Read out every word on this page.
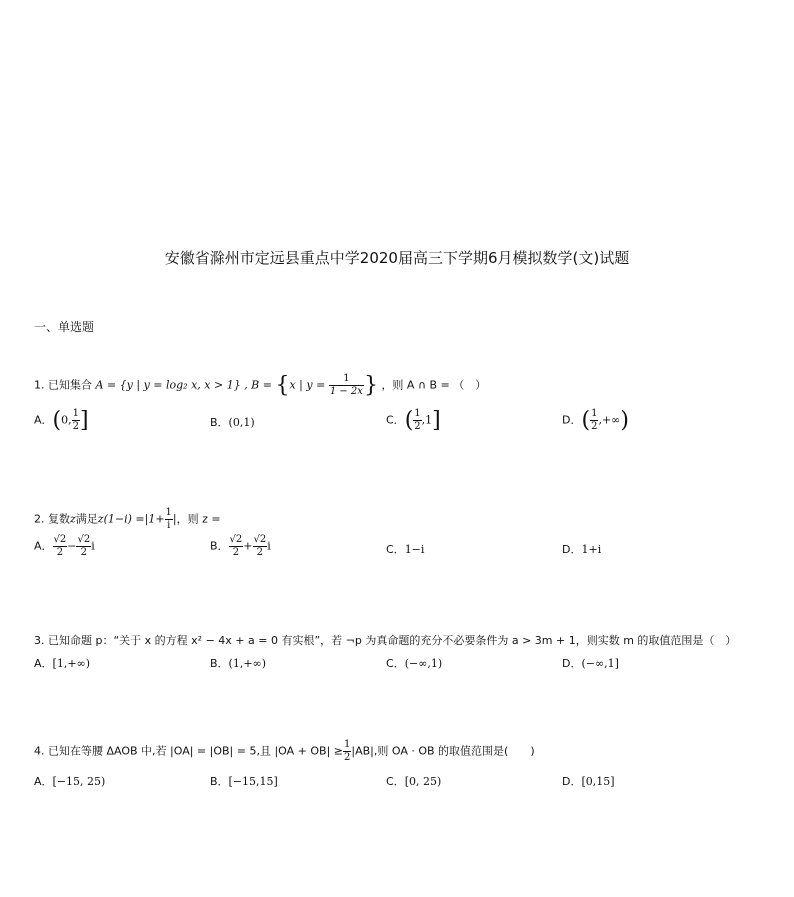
安徽省滁州市定远县重点中学2020届高三下学期6月模拟数学(文)试题
一、单选题
1. 已知集合 A = {y | y = log₂ x, x > 1} , B = {x | $y = \frac{1}{1 - 2x}$ } ，则 A ∩ B = （　）
A．(0, $\frac{1}{2}$ ]	B．(0,1)	C．( $\frac{1}{2} ,1$]	D．( $\frac{1}{2}$ ,+∞)
2. 复数z满足$z(1-i) =|1+ \frac{1}{i}$ |，则 z =
A． $\frac{√2}{2} - \frac{√2}{2}$ i	B． $\frac{√2}{2} + \frac{√2}{2}$ i	C．1−i	D．1+i
3. 已知命题 p：“关于 x 的方程 x² − 4x + a = 0 有实根”，若 ¬p 为真命题的充分不必要条件为 a > 3m + 1，则实数 m 的取值范围是（　）
A．[1,+∞)	B．(1,+∞)	C．(−∞,1)	D．(−∞,1]
4. 已知在等腰 ΔAOB 中,若 |OA| = |OB| = 5,且 $|OA + OB| \ge \frac{1}{2} |AB|$,则 OA · OB 的取值范围是(　　)
A．[−15, 25)	B．[−15,15]	C．[0, 25)	D．[0,15]
